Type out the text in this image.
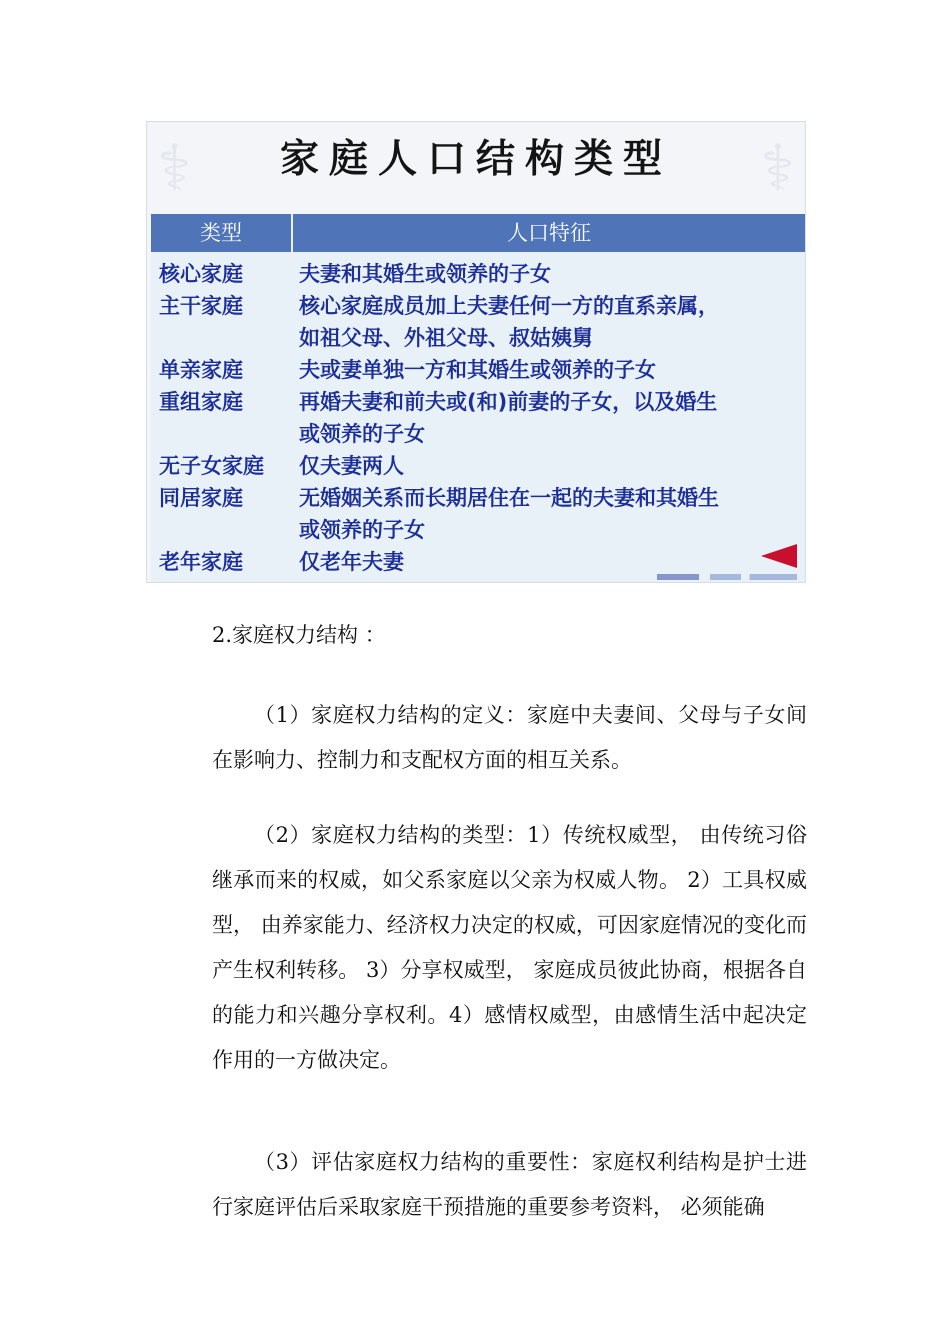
⚕	⚕
家庭人口结构类型
类型	人口特征
核心家庭	夫妻和其婚生或领养的子女
主干家庭	核心家庭成员加上夫妻任何一方的直系亲属，
如祖父母、外祖父母、叔姑姨舅
单亲家庭	夫或妻单独一方和其婚生或领养的子女
重组家庭	再婚夫妻和前夫或(和)前妻的子女，以及婚生
或领养的子女
无子女家庭	仅夫妻两人
同居家庭	无婚姻关系而长期居住在一起的夫妻和其婚生
或领养的子女
老年家庭	仅老年夫妻
2.家庭权力结构 ：

（1）家庭权力结构的定义：家庭中夫妻间、父母与子女间在影响力、控制力和支配权方面的相互关系。

（2）家庭权力结构的类型：1）传统权威型， 由传统习俗继承而来的权威，如父系家庭以父亲为权威人物。 2）工具权威型， 由养家能力、经济权力决定的权威，可因家庭情况的变化而产生权利转移。 3）分享权威型， 家庭成员彼此协商，根据各自的能力和兴趣分享权利。4）感情权威型，由感情生活中起决定作用的一方做决定。

（3）评估家庭权力结构的重要性：家庭权利结构是护士进行家庭评估后采取家庭干预措施的重要参考资料， 必须能确
